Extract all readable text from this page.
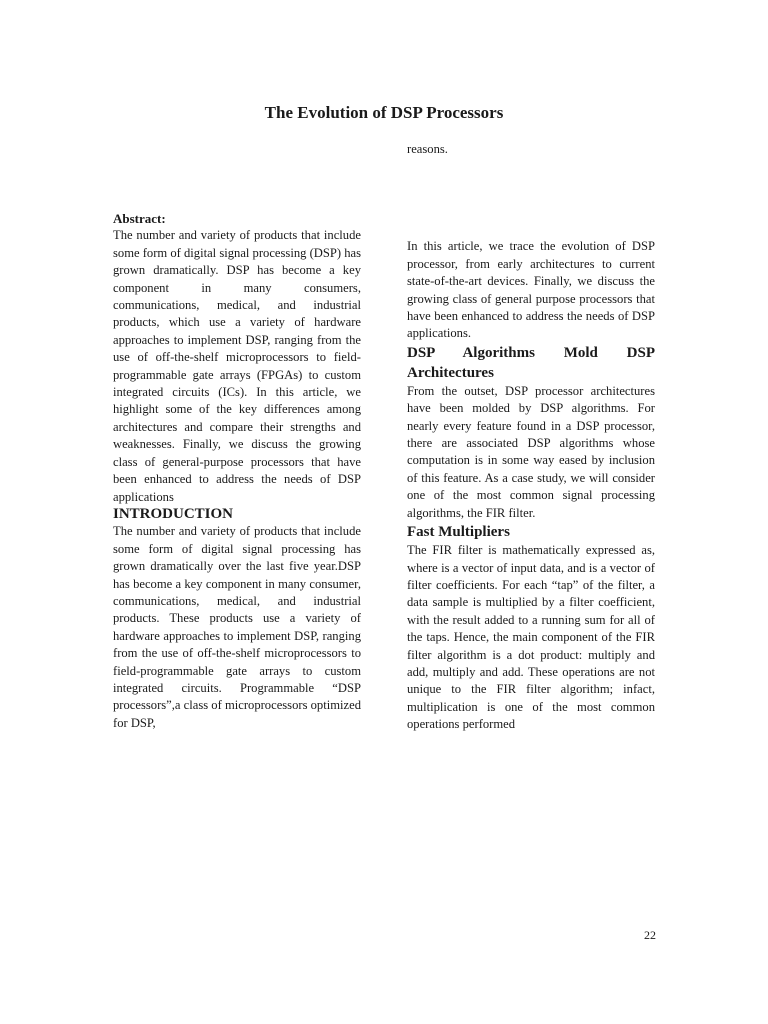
The Evolution of DSP Processors

Abstract:

The number and variety of products that include some form of digital signal processing (DSP) has grown dramatically. DSP has become a key component in many consumers, communications, medical, and industrial products, which use a variety of hardware approaches to implement DSP, ranging from the use of off-the-shelf microprocessors to field-programmable gate arrays (FPGAs) to custom integrated circuits (ICs). In this article, we highlight some of the key differences among architectures and compare their strengths and weaknesses. Finally, we discuss the growing class of general-purpose processors that have been enhanced to address the needs of DSP applications

INTRODUCTION

The number and variety of products that include some form of digital signal processing has grown dramatically over the last five year.DSP has become a key component in many consumer, communications, medical, and industrial products. These products use a variety of hardware approaches to implement DSP, ranging from the use of off-the-shelf microprocessors to field-programmable gate arrays to custom integrated circuits. Programmable “DSP processors”,a class of microprocessors optimized for DSP,

reasons.

In this article, we trace the evolution of DSP processor, from early architectures to current state-of-the-art devices. Finally, we discuss the growing class of general purpose processors that have been enhanced to address the needs of DSP applications.

DSP Algorithms Mold DSP Architectures

From the outset, DSP processor architectures have been molded by DSP algorithms. For nearly every feature found in a DSP processor, there are associated DSP algorithms whose computation is in some way eased by inclusion of this feature. As a case study, we will consider one of the most common signal processing algorithms, the FIR filter.

Fast Multipliers

The FIR filter is mathematically expressed as, where is a vector of input data, and is a vector of filter coefficients. For each “tap” of the filter, a data sample is multiplied by a filter coefficient, with the result added to a running sum for all of the taps. Hence, the main component of the FIR filter algorithm is a dot product: multiply and add, multiply and add. These operations are not unique to the FIR filter algorithm; infact, multiplication is one of the most common operations performed

22
